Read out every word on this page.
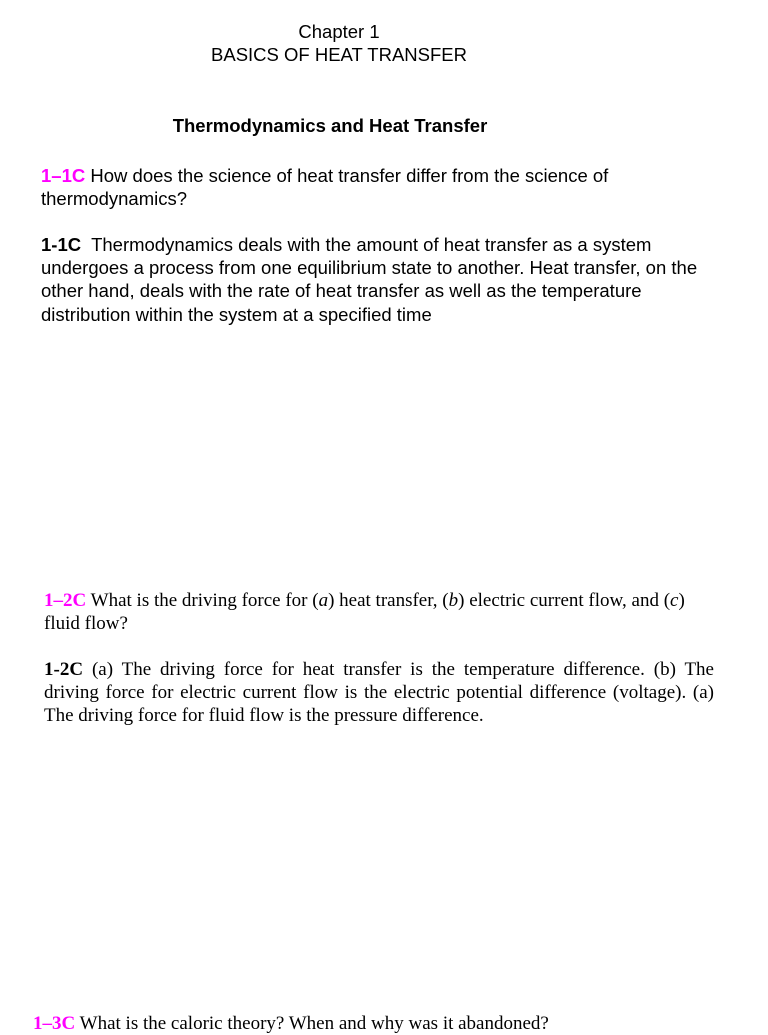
Chapter 1
BASICS OF HEAT TRANSFER
Thermodynamics and Heat Transfer

1–1C How does the science of heat transfer differ from the science of thermodynamics?

1-1C Thermodynamics deals with the amount of heat transfer as a system undergoes a process from one equilibrium state to another. Heat transfer, on the other hand, deals with the rate of heat transfer as well as the temperature distribution within the system at a specified time

1–2C What is the driving force for (a) heat transfer, (b) electric current flow, and (c) fluid flow?

1-2C (a) The driving force for heat transfer is the temperature difference. (b) The driving force for electric current flow is the electric potential difference (voltage). (a) The driving force for fluid flow is the pressure difference.

1–3C What is the caloric theory? When and why was it abandoned?
